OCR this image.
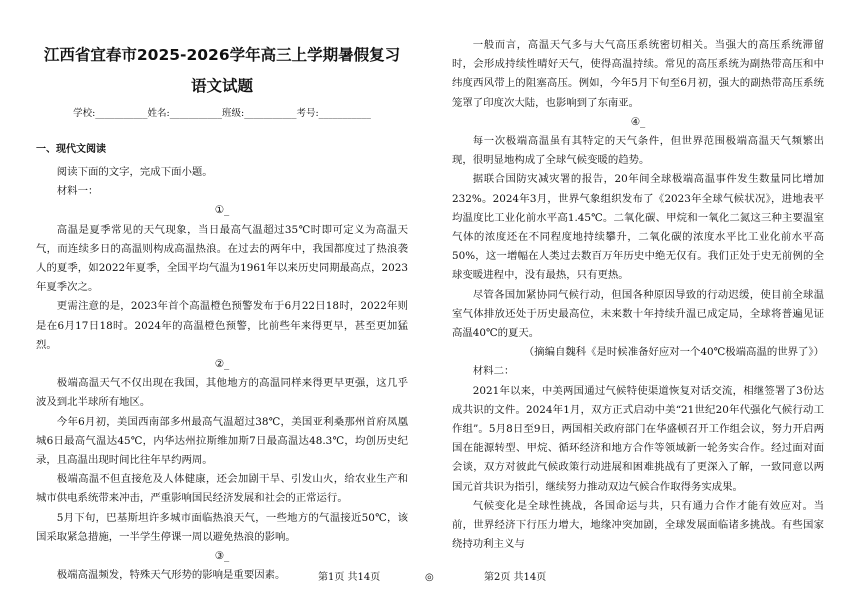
江西省宜春市2025-2026学年高三上学期暑假复习
语文试题
学校:___________姓名:___________班级:___________考号:___________
一、现代文阅读

阅读下面的文字，完成下面小题。

材料一：

①_

高温是夏季常见的天气现象，当日最高气温超过35℃时即可定义为高温天气，而连续多日的高温则构成高温热浪。在过去的两年中，我国都度过了热浪袭人的夏季，如2022年夏季，全国平均气温为1961年以来历史同期最高点，2023年夏季次之。

更需注意的是，2023年首个高温橙色预警发布于6月22日18时，2022年则是在6月17日18时。2024年的高温橙色预警，比前些年来得更早，甚至更加猛烈。

②_

极端高温天气不仅出现在我国，其他地方的高温同样来得更早更强，这几乎波及到北半球所有地区。

今年6月初，美国西南部多州最高气温超过38℃，美国亚利桑那州首府凤凰城6日最高气温达45℃，内华达州拉斯维加斯7日最高温达48.3℃，均创历史纪录，且高温出现时间比往年早约两周。

极端高温不但直接危及人体健康，还会加剧干旱、引发山火，给农业生产和城市供电系统带来冲击，严重影响国民经济发展和社会的正常运行。

5月下旬，巴基斯坦许多城市面临热浪天气，一些地方的气温接近50℃，该国采取紧急措施，一半学生停课一周以避免热浪的影响。

③_

极端高温频发，特殊天气形势的影响是重要因素。

一般而言，高温天气多与大气高压系统密切相关。当强大的高压系统滞留时，会形成持续性晴好天气，使得高温持续。常见的高压系统为副热带高压和中纬度西风带上的阻塞高压。例如，今年5月下旬至6月初，强大的副热带高压系统笼罩了印度次大陆，也影响到了东南亚。

④_

每一次极端高温虽有其特定的天气条件，但世界范围极端高温天气频繁出现，很明显地构成了全球气候变暖的趋势。

据联合国防灾减灾署的报告，20年间全球极端高温事件发生数量同比增加232%。2024年3月，世界气象组织发布了《2023年全球气候状况》，进地表平均温度比工业化前水平高1.45℃。二氧化碳、甲烷和一氧化二氮这三种主要温室气体的浓度还在不同程度地持续攀升，二氧化碳的浓度水平比工业化前水平高50%，这一增幅在人类过去数百万年历史中绝无仅有。我们正处于史无前例的全球变暖进程中，没有最热，只有更热。

尽管各国加紧协同气候行动，但国各种原因导致的行动迟缓，使目前全球温室气体排放还处于历史最高位，未来数十年持续升温已成定局，全球将普遍见证高温40℃的夏天。

（摘编自魏科《是时候准备好应对一个40℃极端高温的世界了》）

材料二：

2021年以来，中美两国通过气候特使渠道恢复对话交流，相继签署了3份达成共识的文件。2024年1月，双方正式启动中美“21世纪20年代强化气候行动工作组”。5月8日至9日，两国相关政府部门在华盛顿召开工作组会议，努力开启两国在能源转型、甲烷、循环经济和地方合作等领域新一轮务实合作。经过面对面会谈，双方对彼此气候政策行动进展和困难挑战有了更深入了解，一致同意以两国元首共识为指引，继续努力推动双边气候合作取得务实成果。

气候变化是全球性挑战，各国命运与共，只有通力合作才能有效应对。当前，世界经济下行压力增大，地缘冲突加剧，全球发展面临诸多挑战。有些国家绕持功利主义与

第1页 共14页	◎	第2页 共14页
